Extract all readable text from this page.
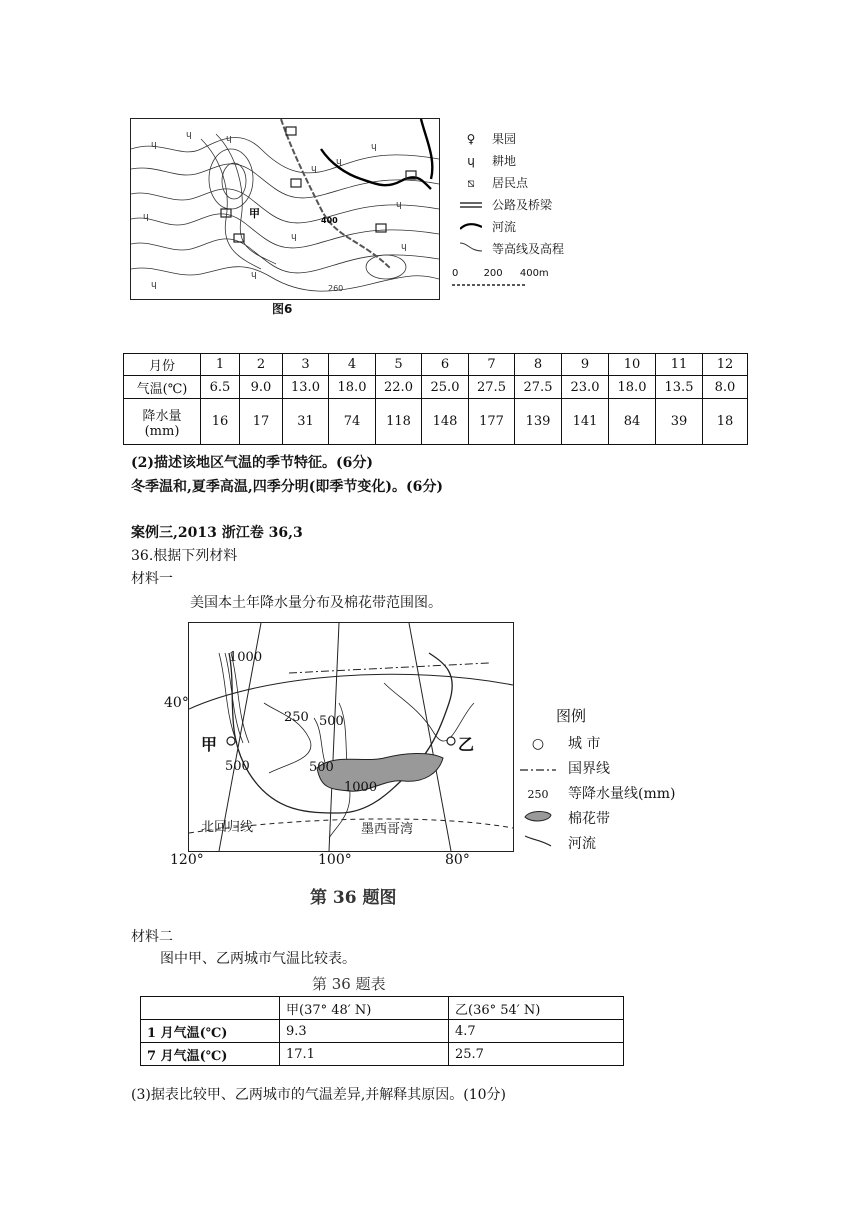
ɥ
ɥ	ɥ
ɥ
ɥ
ɥ
ɥ
ɥ
ɥ
ɥ
ɥ
ɥ
甲
400
260
图6
♀	果园
ɥ	耕地
⧅	居民点
公路及桥梁
河流
等高线及高程
0	200 400m
月份	1	2	3	4	5	6	7	8	9	10	11	12
气温(℃)	6.5	9.0	13.0	18.0	22.0	25.0	27.5	27.5	23.0	18.0	13.5	8.0

降水量
(mm)	16	17	31	74	118	148	177	139	141	84	39	18
(2)描述该地区气温的季节特征。(6分)
冬季温和,夏季高温,四季分明(即季节变化)。(6分)
案例三,2013 浙江卷 36,3
36.根据下列材料
材料一
美国本土年降水量分布及棉花带范围图。
1000
250 500
500	500
1000
北回归线	墨西哥湾
40°
120°	100°	80°
甲	乙
第 36 题图
图例
○	城 市
国界线
250	等降水量线(mm)
棉花带
河流
材料二
图中甲、乙两城市气温比较表。
第 36 题表
	甲(37° 48′ N)	乙(36° 54′ N)
1 月气温(℃)	9.3	4.7
7 月气温(℃)	17.1	25.7
(3)据表比较甲、乙两城市的气温差异,并解释其原因。(10分)
